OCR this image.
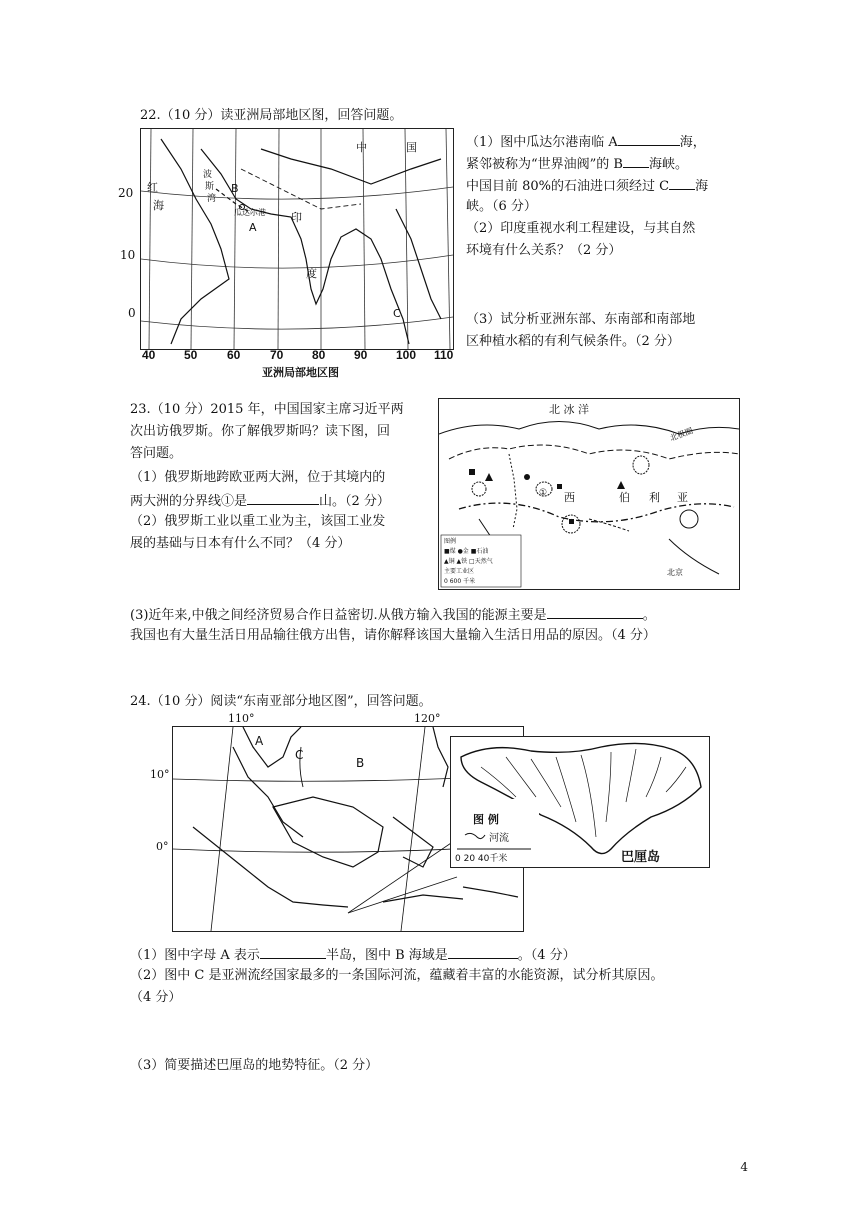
22.（10 分）读亚洲局部地区图，回答问题。
中	国
印
度
B
A
C
红
海
波
斯
湾
瓜达尔港
20
10
0
40 50 60 70 80 90 100 110
亚洲局部地区图
（1）图中瓜达尔港南临 A	海，
紧邻被称为“世界油阀”的 B 海峡。
中国目前 80%的石油进口须经过 C 海
峡。（6 分）
（2）印度重视水利工程建设，与其自然
环境有什么关系？（2 分）
（3）试分析亚洲东部、东南部和南部地
区种植水稻的有利气候条件。（2 分）
23.（10 分）2015 年，中国国家主席习近平两
次出访俄罗斯。你了解俄罗斯吗？读下图，回
答问题。
（1）俄罗斯地跨欧亚两大洲，位于其境内的
两大洲的分界线①是	山。（2 分）
（2）俄罗斯工业以重工业为主，该国工业发
展的基础与日本有什么不同？（4 分）
北 冰 洋
北极圈
西	伯 利 亚
①
北京
图例
■煤 ●金 ■石油
▲铜 ▲铁 □天然气
主要工业区
0 600 千米
(3)近年来,中俄之间经济贸易合作日益密切.从俄方输入我国的能源主要是	。
我国也有大量生活日用品输往俄方出售，请你解释该国大量输入生活日用品的原因。（4 分）
24.（10 分）阅读“东南亚部分地区图”，回答问题。
110°	120°
10°
0°
A
C
B
图 例
河流
0 20 40千米	巴厘岛
（1）图中字母 A 表示	半岛，图中 B 海域是	。（4 分）
（2）图中 C 是亚洲流经国家最多的一条国际河流，蕴藏着丰富的水能资源，试分析其原因。
（4 分）
（3）简要描述巴厘岛的地势特征。（2 分）
4
